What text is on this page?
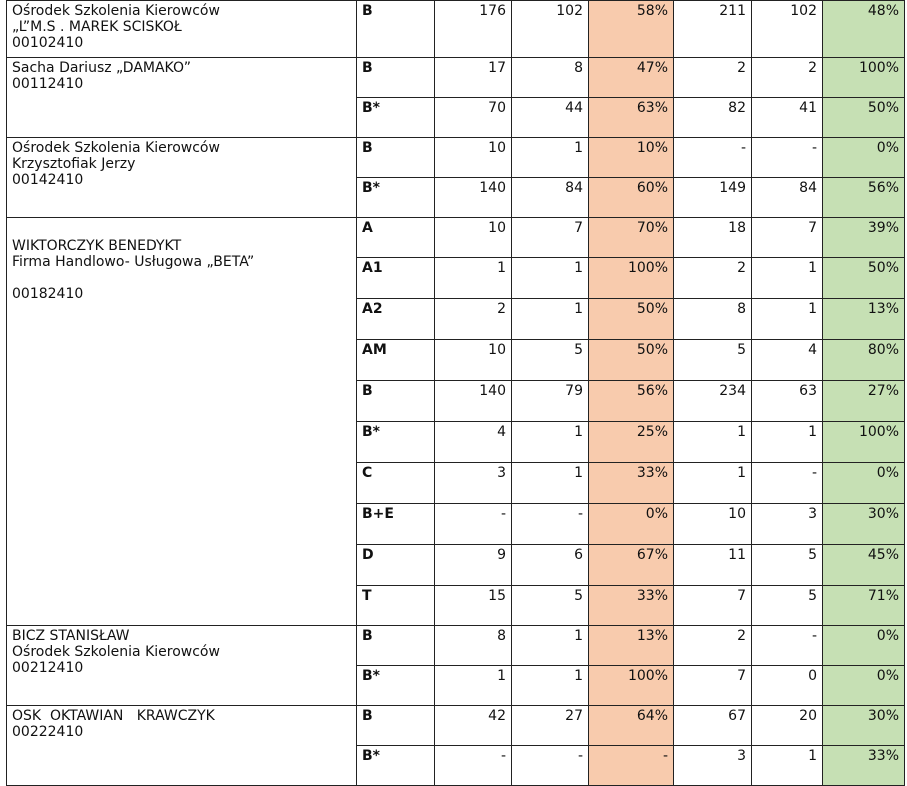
Ośrodek Szkolenia Kierowców
„L”M.S . MAREK SCISKOŁ
00102410	B	176	102	58%	211	102	48%

Sacha Dariusz „DAMAKO”
00112410	B	17	8	47%	2	2	100%
	B*	70	44	63%	82	41	50%

Ośrodek Szkolenia Kierowców
Krzysztofiak Jerzy
00142410	B	10	1	10%	-	-	0%
	B*	140	84	60%	149	84	56%

WIKTORCZYK BENEDYKT
Firma Handlowo- Usługowa „BETA”
00182410	A	10	7	70%	18	7	39%
	A1	1	1	100%	2	1	50%
	A2	2	1	50%	8	1	13%
	AM	10	5	50%	5	4	80%
	B	140	79	56%	234	63	27%
	B*	4	1	25%	1	1	100%
	C	3	1	33%	1	-	0%
	B+E	-	-	0%	10	3	30%
	D	9	6	67%	11	5	45%
	T	15	5	33%	7	5	71%

BICZ STANISŁAW
Ośrodek Szkolenia Kierowców
00212410	B	8	1	13%	2	-	0%
	B*	1	1	100%	7	0	0%

OSK  OKTAWIAN   KRAWCZYK
00222410	B	42	27	64%	67	20	30%
	B*	-	-	-	3	1	33%
